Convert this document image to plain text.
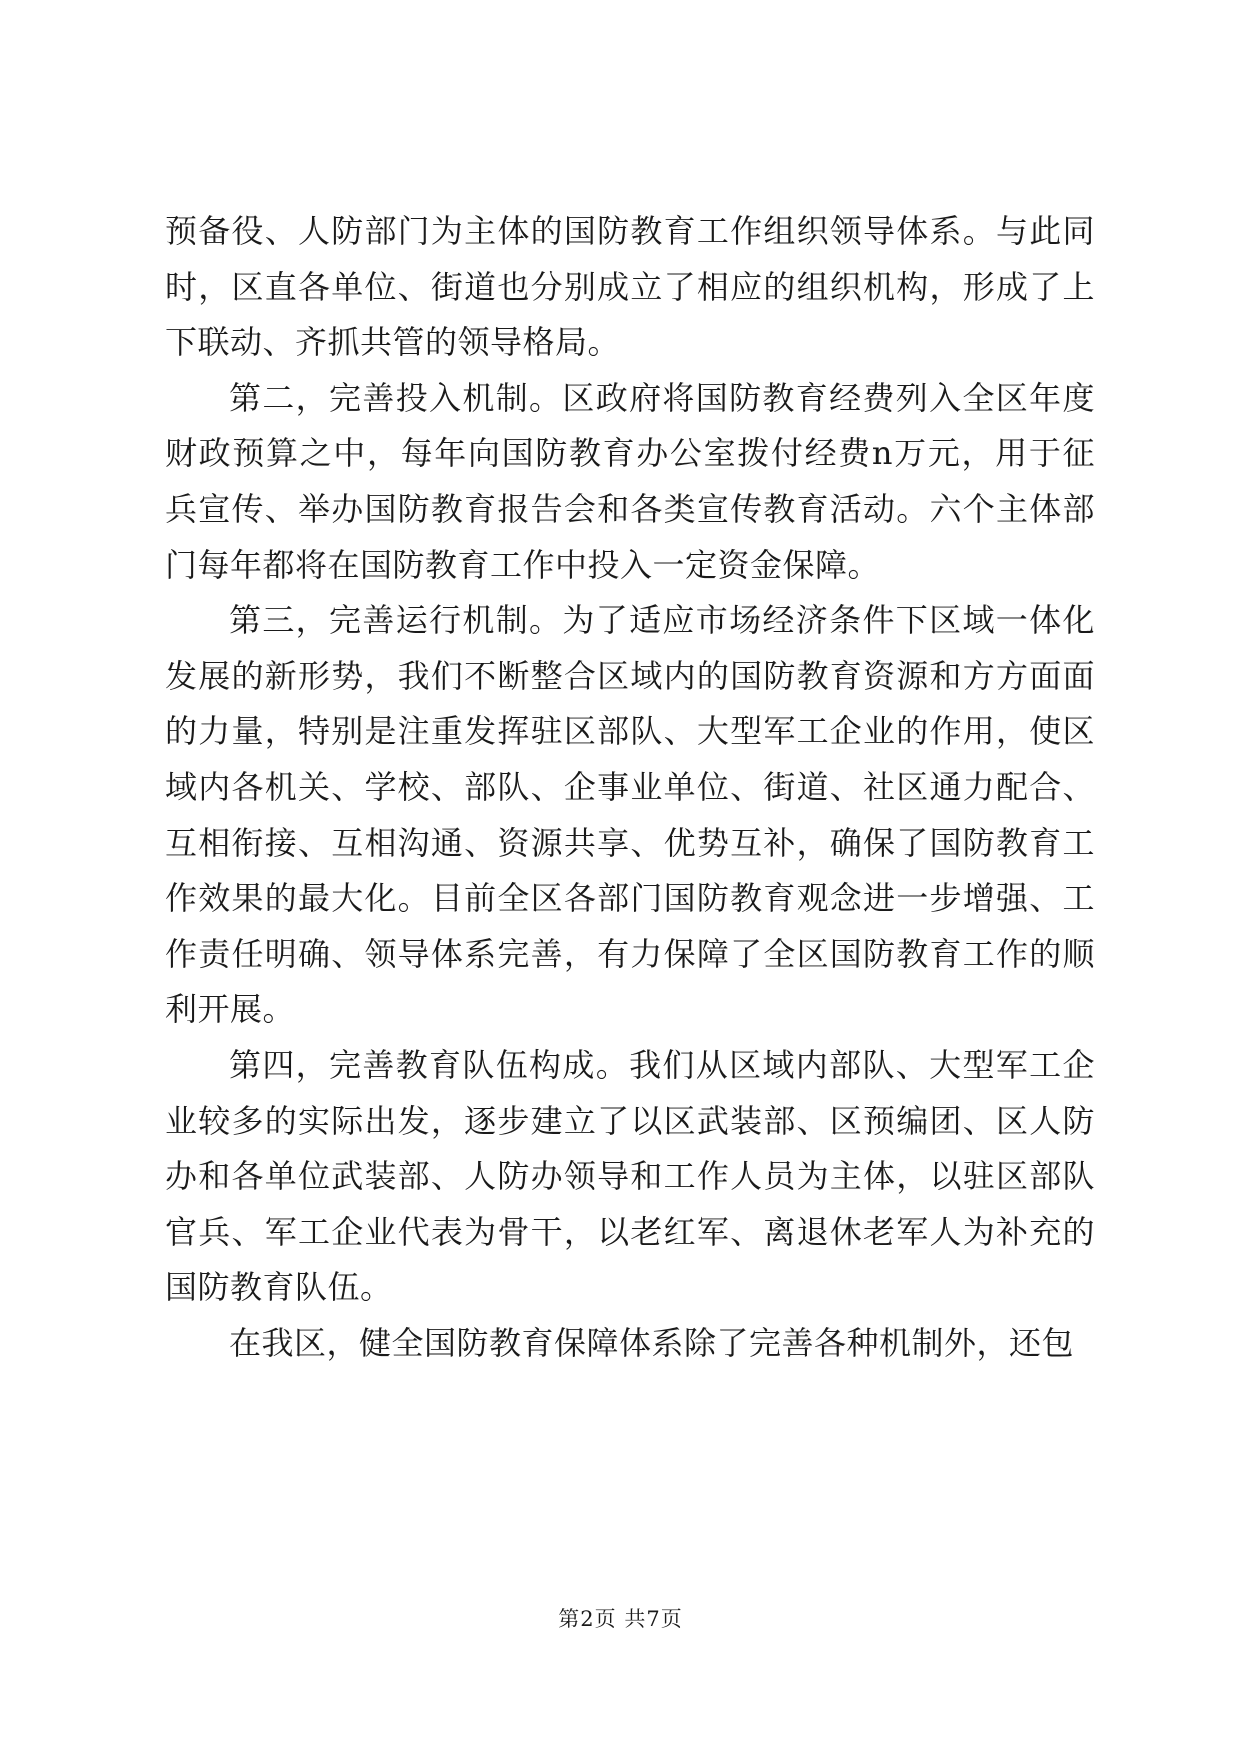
预备役、人防部门为主体的国防教育工作组织领导体系。与此同时，区直各单位、街道也分别成立了相应的组织机构，形成了上下联动、齐抓共管的领导格局。

第二，完善投入机制。区政府将国防教育经费列入全区年度财政预算之中，每年向国防教育办公室拨付经费n万元，用于征兵宣传、举办国防教育报告会和各类宣传教育活动。六个主体部门每年都将在国防教育工作中投入一定资金保障。

第三，完善运行机制。为了适应市场经济条件下区域一体化发展的新形势，我们不断整合区域内的国防教育资源和方方面面的力量，特别是注重发挥驻区部队、大型军工企业的作用，使区域内各机关、学校、部队、企事业单位、街道、社区通力配合、互相衔接、互相沟通、资源共享、优势互补，确保了国防教育工作效果的最大化。目前全区各部门国防教育观念进一步增强、工作责任明确、领导体系完善，有力保障了全区国防教育工作的顺利开展。

第四，完善教育队伍构成。我们从区域内部队、大型军工企业较多的实际出发，逐步建立了以区武装部、区预编团、区人防办和各单位武装部、人防办领导和工作人员为主体，以驻区部队官兵、军工企业代表为骨干，以老红军、离退休老军人为补充的国防教育队伍。

在我区，健全国防教育保障体系除了完善各种机制外，还包

第2页 共7页
